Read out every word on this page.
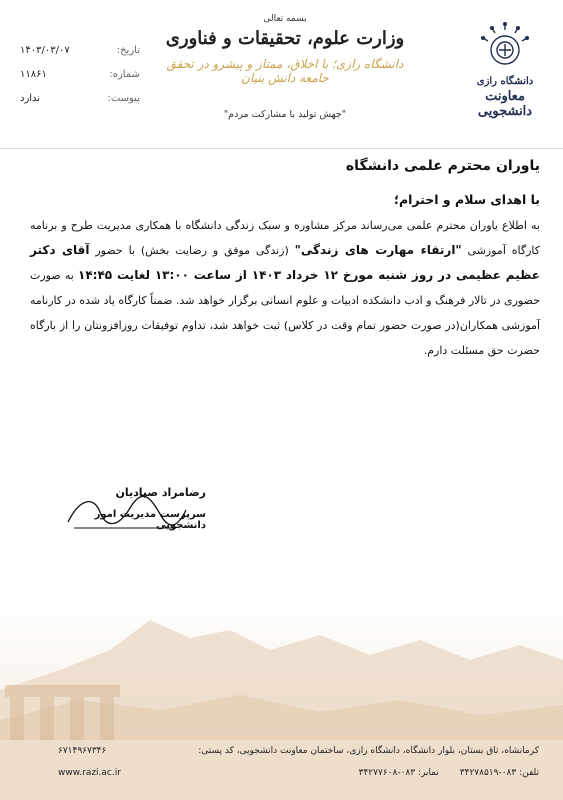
تاریخ:
۱۴۰۳/۰۳/۰۷
شماره:
۱۱۸۶۱
پیوست:
ندارد
بسمه تعالی
وزارت علوم، تحقیقات و فناوری
دانشگاه رازی؛ با اخلاق، ممتاز و پیشرو در تحقق جامعه دانش بنیان
"جهش تولید با مشارکت مردم"
دانشگاه رازی
معاونت دانشجویی
یاوران محترم علمی دانشگاه
با اهدای سلام و احترام؛
به اطلاع یاوران محترم علمی می‌رساند مرکز مشاوره و سبک زندگی دانشگاه با همکاری مدیریت طرح و برنامه کارگاه آموزشی "ارتقاء مهارت های زندگی" (زندگی موفق و رضایت بخش) با حضور آقای دکتر عظیم عظیمی در روز شنبه مورخ ۱۲ خرداد ۱۴۰۳ از ساعت ۱۳:۰۰ لغایت ۱۴:۴۵ به صورت حضوری در تالار فرهنگ و ادب دانشکده ادبیات و علوم انسانی برگزار خواهد شد. ضمناً کارگاه یاد شده در کارنامه آموزشی همکاران(در صورت حضور تمام وقت در کلاس) ثبت خواهد شد، تداوم توفیقات روزافزونتان را از بارگاه حضرت حق مسئلت دارم.
رضامراد صیادیان
سرپرست مدیریت امور دانشجویی
کرمانشاه، تاق بستان، بلوار دانشگاه، دانشگاه رازی، ساختمان معاونت دانشجویی، کد پستی:
۶۷۱۴۹۶۷۳۴۶
تلفن: ۰۸۳-۳۴۲۷۸۵۱۹ نمابر: ۰۸۳-۳۴۲۷۷۶۰۸
www.razi.ac.ir
